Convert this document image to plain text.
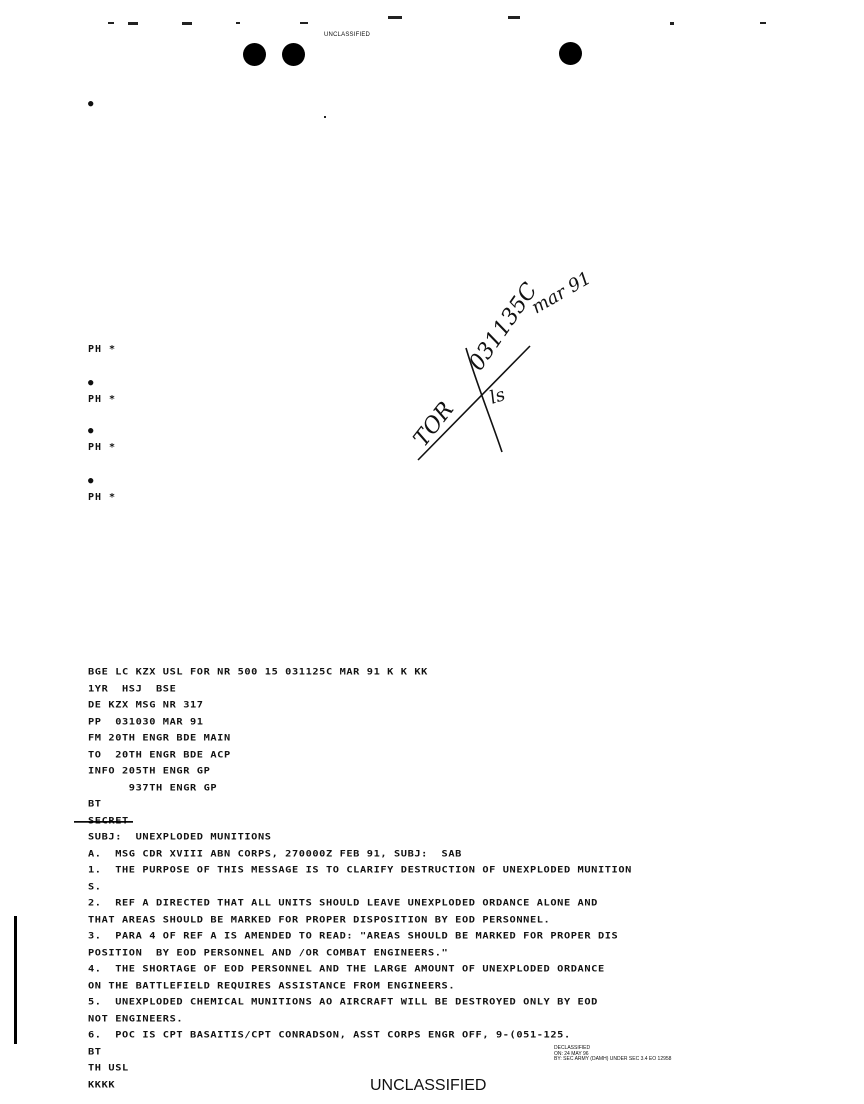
UNCLASSIFIED
●
PH *
●
PH *
●
PH *
●
PH *
TOR
031135C
mar 91
ls
BGE LC KZX USL FOR NR 500 15 031125C MAR 91 K K KK
1YR  HSJ  BSE
DE KZX MSG NR 317
PP  031030 MAR 91
FM 20TH ENGR BDE MAIN
TO  20TH ENGR BDE ACP
INFO 205TH ENGR GP
937TH ENGR GP
BT
SECRET
SUBJ:  UNEXPLODED MUNITIONS
A.  MSG CDR XVIII ABN CORPS, 270000Z FEB 91, SUBJ:  SAB
1.  THE PURPOSE OF THIS MESSAGE IS TO CLARIFY DESTRUCTION OF UNEXPLODED MUNITION
S.
2.  REF A DIRECTED THAT ALL UNITS SHOULD LEAVE UNEXPLODED ORDANCE ALONE AND
THAT AREAS SHOULD BE MARKED FOR PROPER DISPOSITION BY EOD PERSONNEL.
3.  PARA 4 OF REF A IS AMENDED TO READ: "AREAS SHOULD BE MARKED FOR PROPER DIS
POSITION  BY EOD PERSONNEL AND /OR COMBAT ENGINEERS."
4.  THE SHORTAGE OF EOD PERSONNEL AND THE LARGE AMOUNT OF UNEXPLODED ORDANCE
ON THE BATTLEFIELD REQUIRES ASSISTANCE FROM ENGINEERS.
5.  UNEXPLODED CHEMICAL MUNITIONS AO AIRCRAFT WILL BE DESTROYED ONLY BY EOD
NOT ENGINEERS.
6.  POC IS CPT BASAITIS/CPT CONRADSON, ASST CORPS ENGR OFF, 9-(051-125.
BT
TH USL
KKKK
DECLASSIFIED
ON: 24 MAY 96
BY: SEC ARMY (DAMH) UNDER SEC 3.4 EO 12958
UNCLASSIFIED
